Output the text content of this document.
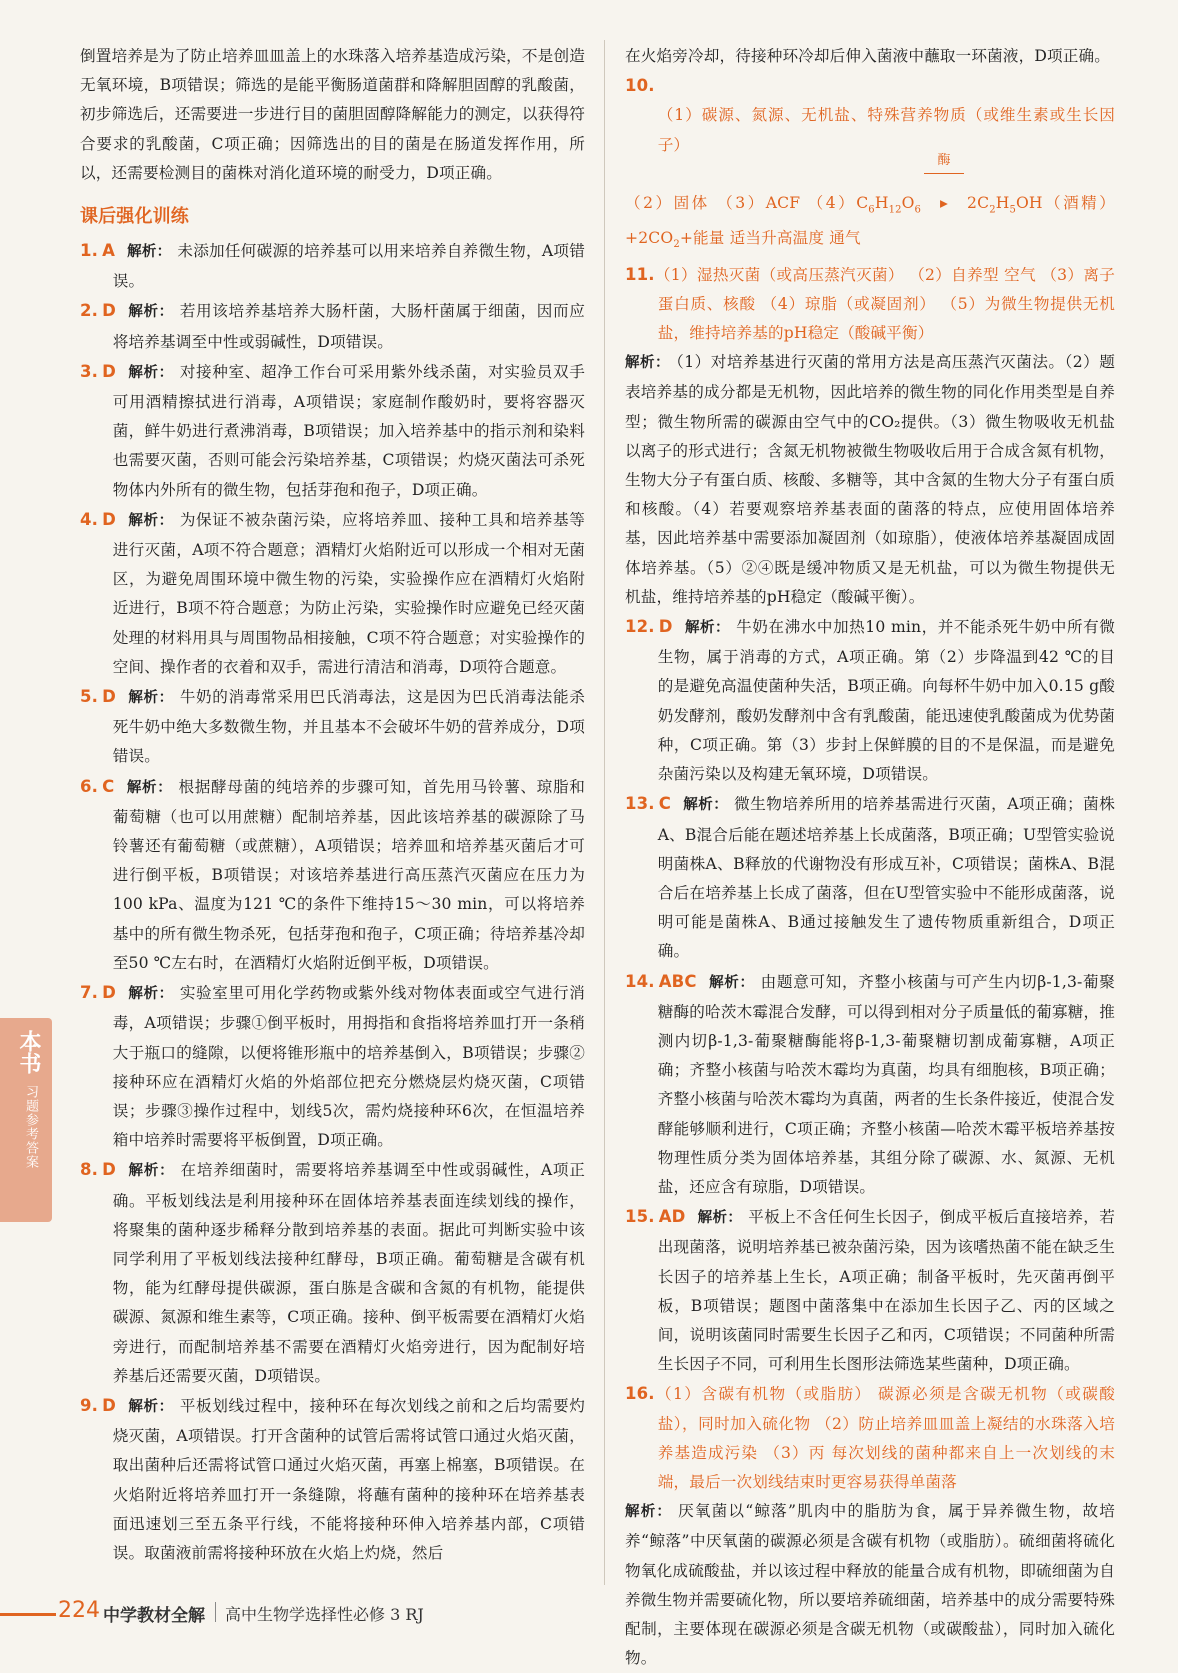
倒置培养是为了防止培养皿皿盖上的水珠落入培养基造成污染，不是创造无氧环境，B项错误；筛选的是能平衡肠道菌群和降解胆固醇的乳酸菌，初步筛选后，还需要进一步进行目的菌胆固醇降解能力的测定，以获得符合要求的乳酸菌，C项正确；因筛选出的目的菌是在肠道发挥作用，所以，还需要检测目的菌株对消化道环境的耐受力，D项正确。

课后强化训练

1. A 解析： 未添加任何碳源的培养基可以用来培养自养微生物，A项错误。

2. D 解析： 若用该培养基培养大肠杆菌，大肠杆菌属于细菌，因而应将培养基调至中性或弱碱性，D项错误。

3. D 解析： 对接种室、超净工作台可采用紫外线杀菌，对实验员双手可用酒精擦拭进行消毒，A项错误；家庭制作酸奶时，要将容器灭菌，鲜牛奶进行煮沸消毒，B项错误；加入培养基中的指示剂和染料也需要灭菌，否则可能会污染培养基，C项错误；灼烧灭菌法可杀死物体内外所有的微生物，包括芽孢和孢子，D项正确。

4. D 解析： 为保证不被杂菌污染，应将培养皿、接种工具和培养基等进行灭菌，A项不符合题意；酒精灯火焰附近可以形成一个相对无菌区，为避免周围环境中微生物的污染，实验操作应在酒精灯火焰附近进行，B项不符合题意；为防止污染，实验操作时应避免已经灭菌处理的材料用具与周围物品相接触，C项不符合题意；对实验操作的空间、操作者的衣着和双手，需进行清洁和消毒，D项符合题意。

5. D 解析： 牛奶的消毒常采用巴氏消毒法，这是因为巴氏消毒法能杀死牛奶中绝大多数微生物，并且基本不会破坏牛奶的营养成分，D项错误。

6. C 解析： 根据酵母菌的纯培养的步骤可知，首先用马铃薯、琼脂和葡萄糖（也可以用蔗糖）配制培养基，因此该培养基的碳源除了马铃薯还有葡萄糖（或蔗糖），A项错误；培养皿和培养基灭菌后才可进行倒平板，B项错误；对该培养基进行高压蒸汽灭菌应在压力为100 kPa、温度为121 ℃的条件下维持15～30 min，可以将培养基中的所有微生物杀死，包括芽孢和孢子，C项正确；待培养基冷却至50 ℃左右时，在酒精灯火焰附近倒平板，D项错误。

7. D 解析： 实验室里可用化学药物或紫外线对物体表面或空气进行消毒，A项错误；步骤①倒平板时，用拇指和食指将培养皿打开一条稍大于瓶口的缝隙，以便将锥形瓶中的培养基倒入，B项错误；步骤②接种环应在酒精灯火焰的外焰部位把充分燃烧层灼烧灭菌，C项错误；步骤③操作过程中，划线5次，需灼烧接种环6次，在恒温培养箱中培养时需要将平板倒置，D项正确。

8. D 解析： 在培养细菌时，需要将培养基调至中性或弱碱性，A项正确。平板划线法是利用接种环在固体培养基表面连续划线的操作，将聚集的菌种逐步稀释分散到培养基的表面。据此可判断实验中该同学利用了平板划线法接种红酵母，B项正确。葡萄糖是含碳有机物，能为红酵母提供碳源，蛋白胨是含碳和含氮的有机物，能提供碳源、氮源和维生素等，C项正确。接种、倒平板需要在酒精灯火焰旁进行，而配制培养基不需要在酒精灯火焰旁进行，因为配制好培养基后还需要灭菌，D项错误。

9. D 解析： 平板划线过程中，接种环在每次划线之前和之后均需要灼烧灭菌，A项错误。打开含菌种的试管后需将试管口通过火焰灭菌，取出菌种后还需将试管口通过火焰灭菌，再塞上棉塞，B项错误。在火焰附近将培养皿打开一条缝隙，将蘸有菌种的接种环在培养基表面迅速划三至五条平行线，不能将接种环伸入培养基内部，C项错误。取菌液前需将接种环放在火焰上灼烧，然后

在火焰旁冷却，待接种环冷却后伸入菌液中蘸取一环菌液，D项正确。

10.（1）碳源、氮源、无机盐、特殊营养物质（或维生素或生长因子）

（2）固体 （3）ACF $(4)C_6H_{12}O_6$
酶
▸ $2C_2H_5OH$（酒精）$+2CO_2+$能量 适当升高温度 通气

11.（1）湿热灭菌（或高压蒸汽灭菌） （2）自养型 空气 （3）离子 蛋白质、核酸 （4）琼脂（或凝固剂） （5）为微生物提供无机盐，维持培养基的pH稳定（酸碱平衡）

解析： （1）对培养基进行灭菌的常用方法是高压蒸汽灭菌法。（2）题表培养基的成分都是无机物，因此培养的微生物的同化作用类型是自养型；微生物所需的碳源由空气中的CO₂提供。（3）微生物吸收无机盐以离子的形式进行；含氮无机物被微生物吸收后用于合成含氮有机物，生物大分子有蛋白质、核酸、多糖等，其中含氮的生物大分子有蛋白质和核酸。（4）若要观察培养基表面的菌落的特点，应使用固体培养基，因此培养基中需要添加凝固剂（如琼脂），使液体培养基凝固成固体培养基。（5）②④既是缓冲物质又是无机盐，可以为微生物提供无机盐，维持培养基的pH稳定（酸碱平衡）。

12. D 解析： 牛奶在沸水中加热10 min，并不能杀死牛奶中所有微生物，属于消毒的方式，A项正确。第（2）步降温到42 ℃的目的是避免高温使菌种失活，B项正确。向每杯牛奶中加入0.15 g酸奶发酵剂，酸奶发酵剂中含有乳酸菌，能迅速使乳酸菌成为优势菌种，C项正确。第（3）步封上保鲜膜的目的不是保温，而是避免杂菌污染以及构建无氧环境，D项错误。

13. C 解析： 微生物培养所用的培养基需进行灭菌，A项正确；菌株A、B混合后能在题述培养基上长成菌落，B项正确；U型管实验说明菌株A、B释放的代谢物没有形成互补，C项错误；菌株A、B混合后在培养基上长成了菌落，但在U型管实验中不能形成菌落，说明可能是菌株A、B通过接触发生了遗传物质重新组合，D项正确。

14. ABC 解析： 由题意可知，齐整小核菌与可产生内切β-1,3-葡聚糖酶的哈茨木霉混合发酵，可以得到相对分子质量低的葡寡糖，推测内切β-1,3-葡聚糖酶能将β-1,3-葡聚糖切割成葡寡糖，A项正确；齐整小核菌与哈茨木霉均为真菌，均具有细胞核，B项正确；齐整小核菌与哈茨木霉均为真菌，两者的生长条件接近，使混合发酵能够顺利进行，C项正确；齐整小核菌—哈茨木霉平板培养基按物理性质分类为固体培养基，其组分除了碳源、水、氮源、无机盐，还应含有琼脂，D项错误。

15. AD 解析： 平板上不含任何生长因子，倒成平板后直接培养，若出现菌落，说明培养基已被杂菌污染，因为该嗜热菌不能在缺乏生长因子的培养基上生长，A项正确；制备平板时，先灭菌再倒平板，B项错误；题图中菌落集中在添加生长因子乙、丙的区域之间，说明该菌同时需要生长因子乙和丙，C项错误；不同菌种所需生长因子不同，可利用生长图形法筛选某些菌种，D项正确。

16.（1）含碳有机物（或脂肪） 碳源必须是含碳无机物（或碳酸盐），同时加入硫化物 （2）防止培养皿皿盖上凝结的水珠落入培养基造成污染 （3）丙 每次划线的菌种都来自上一次划线的末端，最后一次划线结束时更容易获得单菌落

解析： 厌氧菌以“鲸落”肌肉中的脂肪为食，属于异养微生物，故培养“鲸落”中厌氧菌的碳源必须是含碳有机物（或脂肪）。硫细菌将硫化物氧化成硫酸盐，并以该过程中释放的能量合成有机物，即硫细菌为自养微生物并需要硫化物，所以要培养硫细菌，培养基中的成分需要特殊配制，主要体现在碳源必须是含碳无机物（或碳酸盐），同时加入硫化物。

本书
习题参考答案
224 中学教材全解 高中生物学选择性必修 3 RJ
